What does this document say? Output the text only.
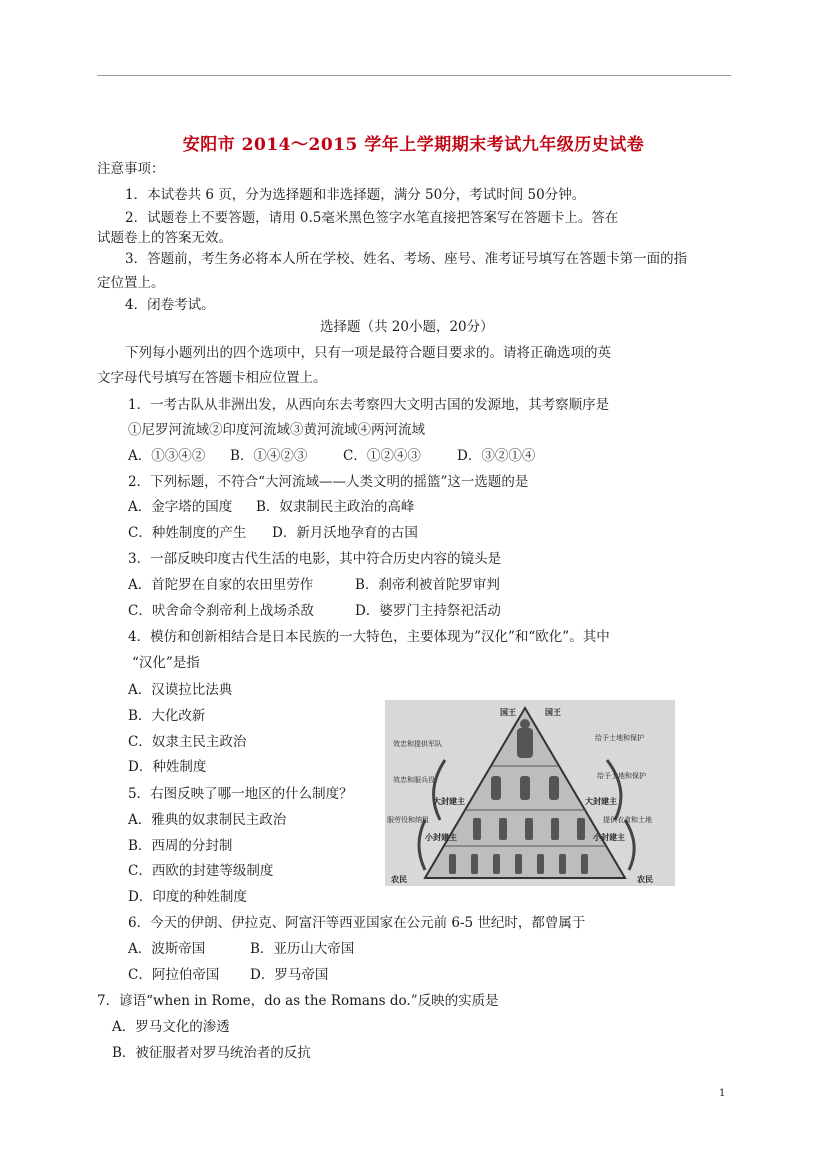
安阳市 2014～2015 学年上学期期末考试九年级历史试卷
注意事项：
1．本试卷共 6 页，分为选择题和非选择题，满分 50分，考试时间 50分钟。
2．试题卷上不要答题，请用 0.5毫米黑色签字水笔直接把答案写在答题卡上。答在
试题卷上的答案无效。
3．答题前，考生务必将本人所在学校、姓名、考场、座号、准考证号填写在答题卡第一面的指
定位置上。
4．闭卷考试。
选择题（共 20小题，20分）
下列每小题列出的四个选项中，只有一项是最符合题目要求的。请将正确选项的英
文字母代号填写在答题卡相应位置上。
1．一考古队从非洲出发，从西向东去考察四大文明古国的发源地，其考察顺序是
①尼罗河流域②印度河流域③黄河流域④两河流域
A．①③④② B．①④②③	C．①②④③	D．③②①④
2．下列标题，不符合“大河流域——人类文明的摇篮”这一选题的是
A．金字塔的国度 B．奴隶制民主政治的高峰
C．种姓制度的产生 D．新月沃地孕育的古国
3．一部反映印度古代生活的电影，其中符合历史内容的镜头是
A．首陀罗在自家的农田里劳作	B．刹帝利被首陀罗审判
C．吠舍命令刹帝利上战场杀敌	D．婆罗门主持祭祀活动
4．模仿和创新相结合是日本民族的一大特色，主要体现为”汉化”和“欧化”。其中
“汉化”是指
A．汉谟拉比法典
B．大化改新
C．奴隶主民主政治
D．种姓制度
5．右图反映了哪一地区的什么制度？
A．雅典的奴隶制民主政治
B．西周的分封制
C．西欧的封建等级制度
D．印度的种姓制度
6．今天的伊朗、伊拉克、阿富汗等西亚国家在公元前 6-5 世纪时，都曾属于
A．波斯帝国	B．亚历山大帝国
C．阿拉伯帝国 D．罗马帝国
7．谚语“when in Rome，do as the Romans do.”反映的实质是
A．罗马文化的渗透
B．被征服者对罗马统治者的反抗
国王	国王
大封建主	大封建主
小封建主	小封建主
农民	农民
效忠和提供军队
效忠和服兵役
服劳役和纳租
给予土地和保护
给予土地和保护
提供衣食和土地
1
